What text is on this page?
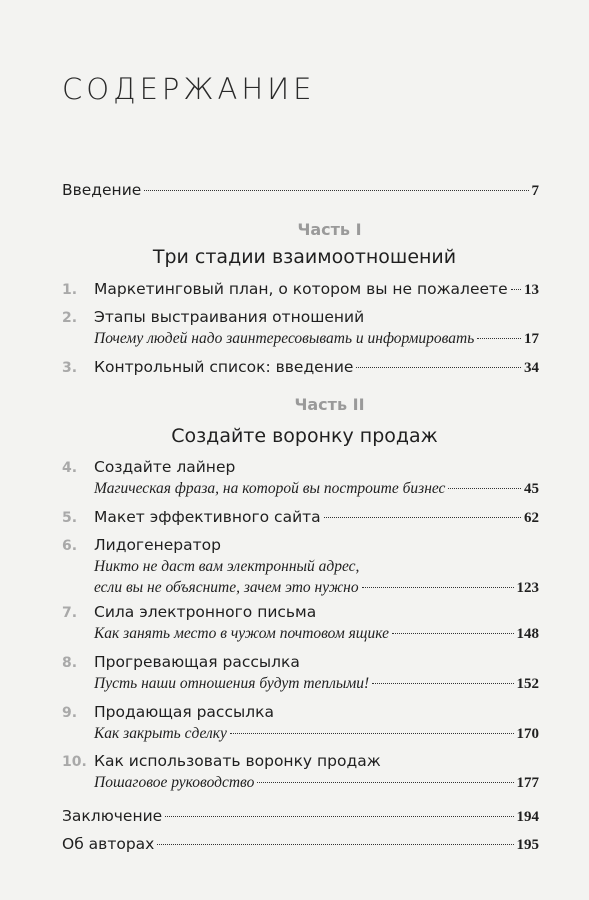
СОДЕРЖАНИЕ
Введение	7
Часть I
Три стадии взаимоотношений
1.	Маркетинговый план, о котором вы не пожалеете 13
2.	Этапы выстраивания отношений
Почему людей надо заинтересовывать и информировать	17
3.	Контрольный список: введение	34
Часть II
Создайте воронку продаж
4.	Создайте лайнер
Магическая фраза, на которой вы построите бизнес	45
5.	Макет эффективного сайта	62
6.	Лидогенератор
Никто не даст вам электронный адрес,
если вы не объясните, зачем это нужно	123
7.	Сила электронного письма
Как занять место в чужом почтовом ящике	148
8.	Прогревающая рассылка
Пусть наши отношения будут теплыми!	152
9.	Продающая рассылка
Как закрыть сделку	170
10. Как использовать воронку продаж
Пошаговое руководство	177
Заключение	194
Об авторах	195
